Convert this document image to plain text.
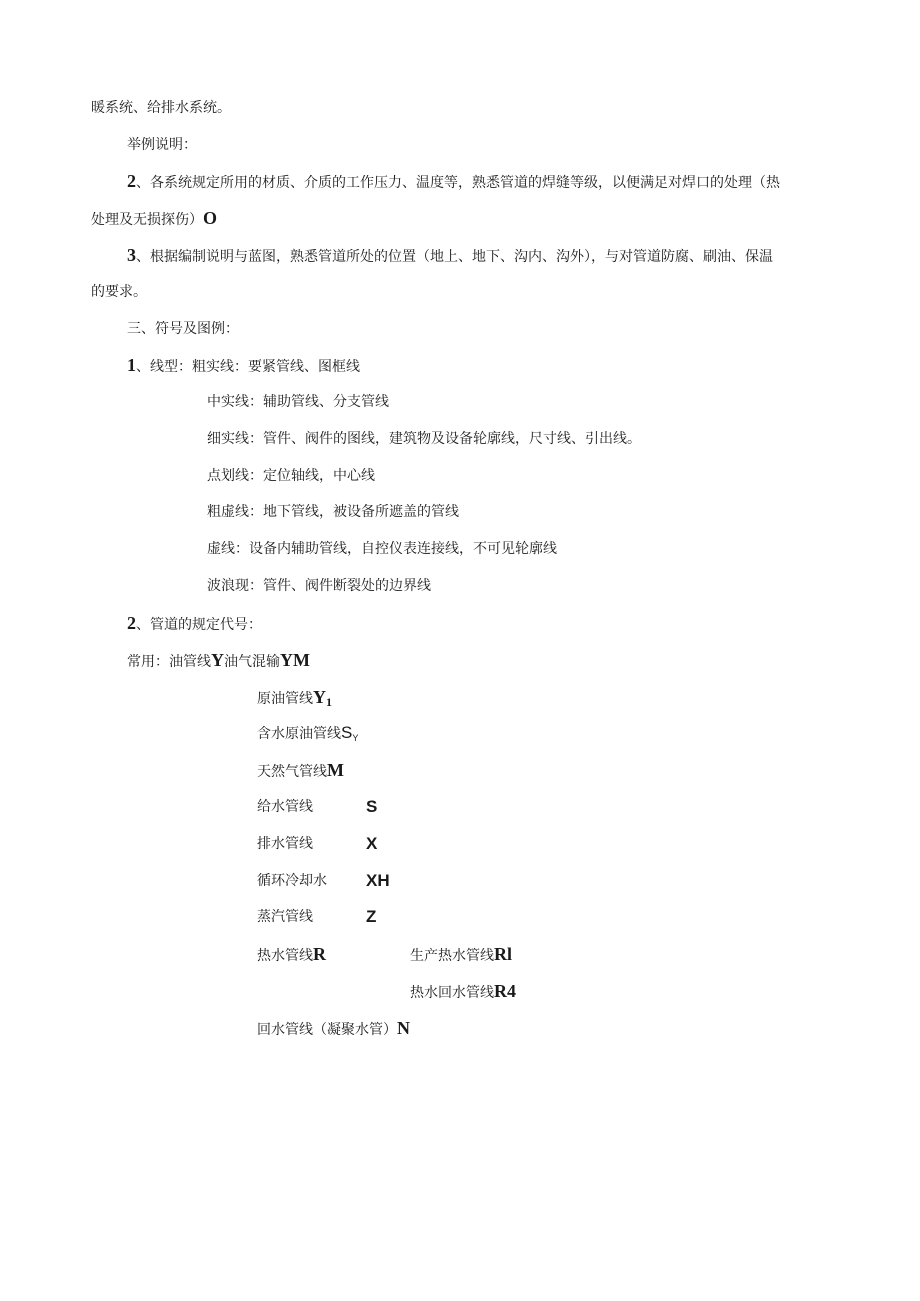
暖系统、给排水系统。
举例说明：
2、各系统规定所用的材质、介质的工作压力、温度等，熟悉管道的焊缝等级，以便满足对焊口的处理（热
处理及无损探伤）O
3、根据编制说明与蓝图，熟悉管道所处的位置（地上、地下、沟内、沟外），与对管道防腐、刷油、保温
的要求。
三、符号及图例：
1、线型：粗实线：要紧管线、图框线
中实线：辅助管线、分支管线
细实线：管件、阀件的图线，建筑物及设备轮廓线，尺寸线、引出线。
点划线：定位轴线，中心线
粗虚线：地下管线，被设备所遮盖的管线
虚线：设备内辅助管线，自控仪表连接线，不可见轮廓线
波浪现：管件、阀件断裂处的边界线
2、管道的规定代号：
常用：油管线Y油气混输YM
原油管线$Y_1$
含水原油管线$S_Y$
天然气管线M
给水管线	S
排水管线	X
循环冷却水 XH
蒸汽管线	Z
热水管线R	生产热水管线Rl
热水回水管线R4
回水管线（凝聚水管）N
